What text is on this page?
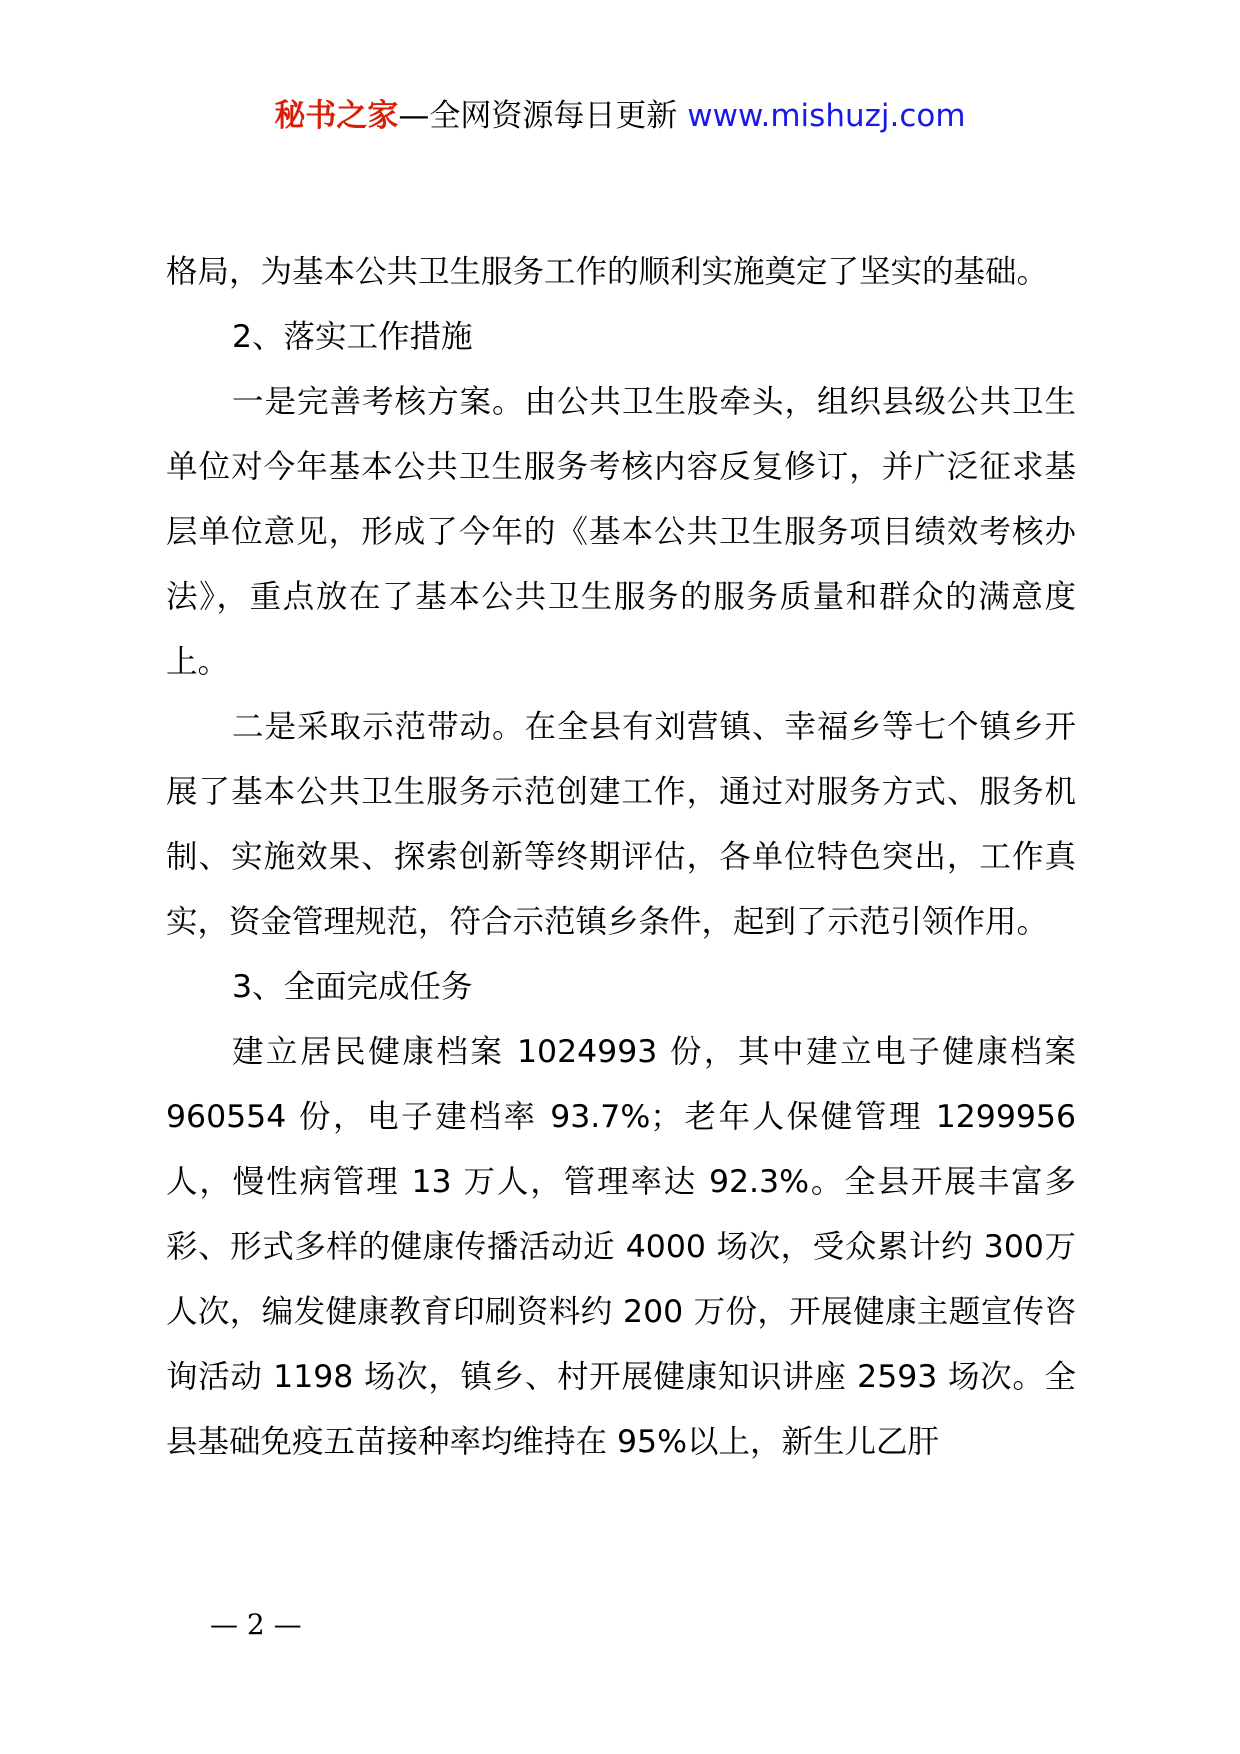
秘书之家—全网资源每日更新 www.mishuzj.com

格局，为基本公共卫生服务工作的顺利实施奠定了坚实的基础。

2、落实工作措施

一是完善考核方案。由公共卫生股牵头，组织县级公共卫生单位对今年基本公共卫生服务考核内容反复修订，并广泛征求基层单位意见，形成了今年的《基本公共卫生服务项目绩效考核办法》，重点放在了基本公共卫生服务的服务质量和群众的满意度上。

二是采取示范带动。在全县有刘营镇、幸福乡等七个镇乡开展了基本公共卫生服务示范创建工作，通过对服务方式、服务机制、实施效果、探索创新等终期评估，各单位特色突出，工作真实，资金管理规范，符合示范镇乡条件，起到了示范引领作用。

3、全面完成任务

建立居民健康档案 1024993 份，其中建立电子健康档案960554 份，电子建档率 93.7%；老年人保健管理 1299956人，慢性病管理 13 万人，管理率达 92.3%。全县开展丰富多彩、形式多样的健康传播活动近 4000 场次，受众累计约 300万人次，编发健康教育印刷资料约 200 万份，开展健康主题宣传咨询活动 1198 场次，镇乡、村开展健康知识讲座 2593 场次。全县基础免疫五苗接种率均维持在 95%以上，新生儿乙肝

— 2 —
